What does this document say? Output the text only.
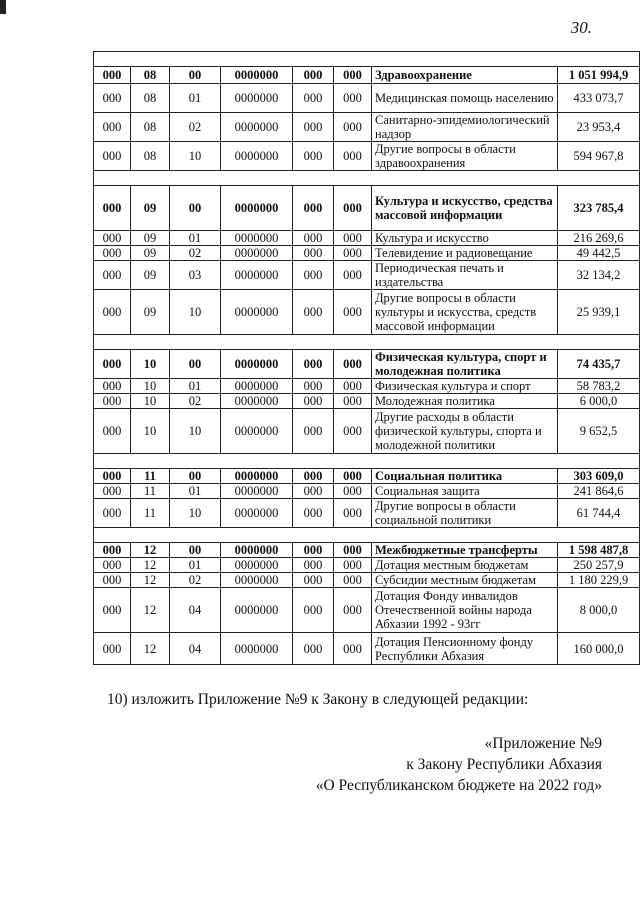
30.

000	08	00	0000000	000	000	Здравоохранение	1 051 994,9
000	08	01	0000000	000	000	Медицинская помощь населению	433 073,7
000	08	02	0000000	000	000	Санитарно-эпидемиологический надзор	23 953,4
000	08	10	0000000	000	000	Другие вопросы в области здравоохранения	594 967,8

000	09	00	0000000	000	000	Культура и искусство, средства массовой информации	323 785,4
000	09	01	0000000	000	000	Культура и искусство	216 269,6
000	09	02	0000000	000	000	Телевидение и радиовещание	49 442,5
000	09	03	0000000	000	000	Периодическая печать и издательства	32 134,2
000	09	10	0000000	000	000	Другие вопросы в области культуры и искусства, средств массовой информации	25 939,1

000	10	00	0000000	000	000	Физическая культура, спорт и молодежная политика	74 435,7
000	10	01	0000000	000	000	Физическая культура и спорт	58 783,2
000	10	02	0000000	000	000	Молодежная политика	6 000,0
000	10	10	0000000	000	000	Другие расходы в области физической культуры, спорта и молодежной политики	9 652,5

000	11	00	0000000	000	000	Социальная политика	303 609,0
000	11	01	0000000	000	000	Социальная защита	241 864,6
000	11	10	0000000	000	000	Другие вопросы в области социальной политики	61 744,4

000	12	00	0000000	000	000	Межбюджетные трансферты	1 598 487,8
000	12	01	0000000	000	000	Дотация местным бюджетам	250 257,9
000	12	02	0000000	000	000	Субсидии местным бюджетам	1 180 229,9
000	12	04	0000000	000	000	Дотация Фонду инвалидов Отечественной войны народа Абхазии 1992 - 93гг	8 000,0
000	12	04	0000000	000	000	Дотация Пенсионному фонду Республики Абхазия	160 000,0
10) изложить Приложение №9 к Закону в следующей редакции:
«Приложение №9
к Закону Республики Абхазия
«О Республиканском бюджете на 2022 год»
